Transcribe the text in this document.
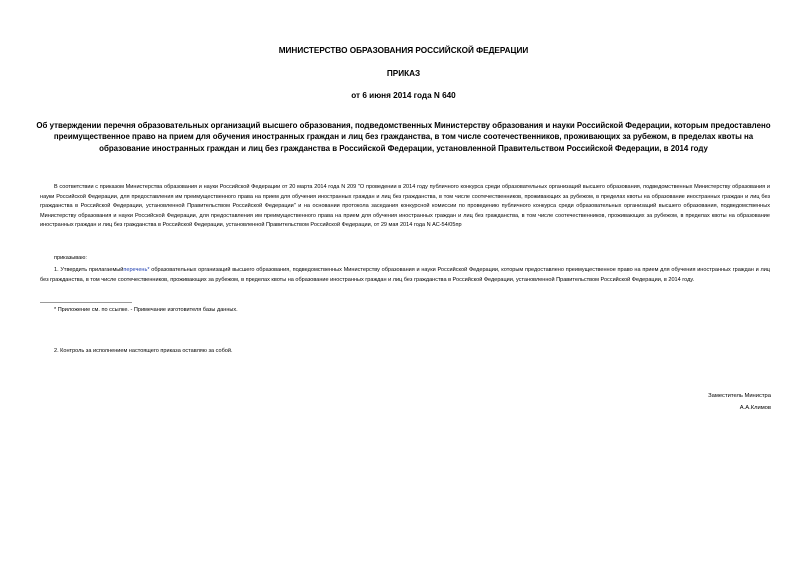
МИНИСТЕРСТВО ОБРАЗОВАНИЯ РОССИЙСКОЙ ФЕДЕРАЦИИ
ПРИКАЗ
от 6 июня 2014 года N 640
Об утверждении перечня образовательных организаций высшего образования, подведомственных Министерству образования и науки Российской Федерации, которым предоставлено преимущественное право на прием для обучения иностранных граждан и лиц без гражданства, в том числе соотечественников, проживающих за рубежом, в пределах квоты на образование иностранных граждан и лиц без гражданства в Российской Федерации, установленной Правительством Российской Федерации, в 2014 году
В соответствии с приказом Министерства образования и науки Российской Федерации от 20 марта 2014 года N 209 "О проведении в 2014 году публичного конкурса среди образовательных организаций высшего образования, подведомственных Министерству образования и науки Российской Федерации, для предоставления им преимущественного права на прием для обучения иностранных граждан и лиц без гражданства, в том числе соотечественников, проживающих за рубежом, в пределах квоты на образование иностранных граждан и лиц без гражданства в Российской Федерации, установленной Правительством Российской Федерации" и на основании протокола заседания конкурсной комиссии по проведению публичного конкурса среди образовательных организаций высшего образования, подведомственных Министерству образования и науки Российской Федерации, для предоставления им преимущественного права на прием для обучения иностранных граждан и лиц без гражданства, в том числе соотечественников, проживающих за рубежом, в пределах квоты на образование иностранных граждан и лиц без гражданства в Российской Федерации, установленной Правительством Российской Федерации, от 29 мая 2014 года N АС-54/05пр
приказываю:
1. Утвердить прилагаемыйперечень* образовательных организаций высшего образования, подведомственных Министерству образования и науки Российской Федерации, которым предоставлено преимущественное право на прием для обучения иностранных граждан и лиц без гражданства, в том числе соотечественников, проживающих за рубежом, в пределах квоты на образование иностранных граждан и лиц без гражданства в Российской Федерации, установленной Правительством Российской Федерации, в 2014 году.
* Приложение см. по ссылке. - Примечание изготовителя базы данных.
2. Контроль за исполнением настоящего приказа оставляю за собой.
Заместитель Министра
А.А.Климов
